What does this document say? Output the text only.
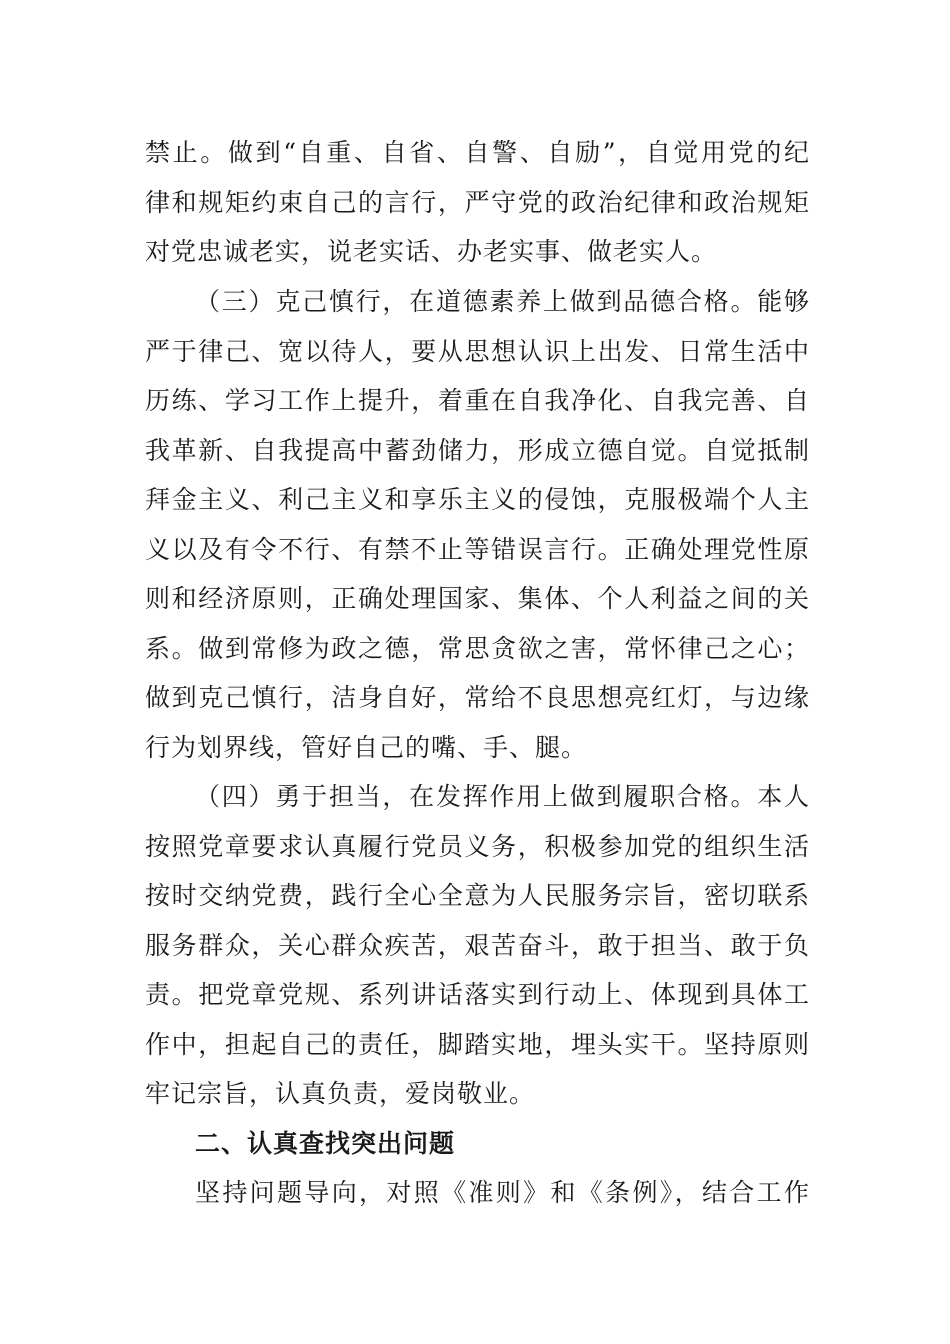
禁止。做到“自重、自省、自警、自励”，自觉用党的纪
律和规矩约束自己的言行，严守党的政治纪律和政治规矩
对党忠诚老实，说老实话、办老实事、做老实人。
（三）克己慎行，在道德素养上做到品德合格。能够
严于律己、宽以待人，要从思想认识上出发、日常生活中
历练、学习工作上提升，着重在自我净化、自我完善、自
我革新、自我提高中蓄劲储力，形成立德自觉。自觉抵制
拜金主义、利己主义和享乐主义的侵蚀，克服极端个人主
义以及有令不行、有禁不止等错误言行。正确处理党性原
则和经济原则，正确处理国家、集体、个人利益之间的关
系。做到常修为政之德，常思贪欲之害，常怀律己之心；
做到克己慎行，洁身自好，常给不良思想亮红灯，与边缘
行为划界线，管好自己的嘴、手、腿。
（四）勇于担当，在发挥作用上做到履职合格。本人
按照党章要求认真履行党员义务，积极参加党的组织生活
按时交纳党费，践行全心全意为人民服务宗旨，密切联系
服务群众，关心群众疾苦，艰苦奋斗，敢于担当、敢于负
责。把党章党规、系列讲话落实到行动上、体现到具体工
作中，担起自己的责任，脚踏实地，埋头实干。坚持原则
牢记宗旨，认真负责，爱岗敬业。
二、认真查找突出问题
坚持问题导向，对照《准则》和《条例》，结合工作
